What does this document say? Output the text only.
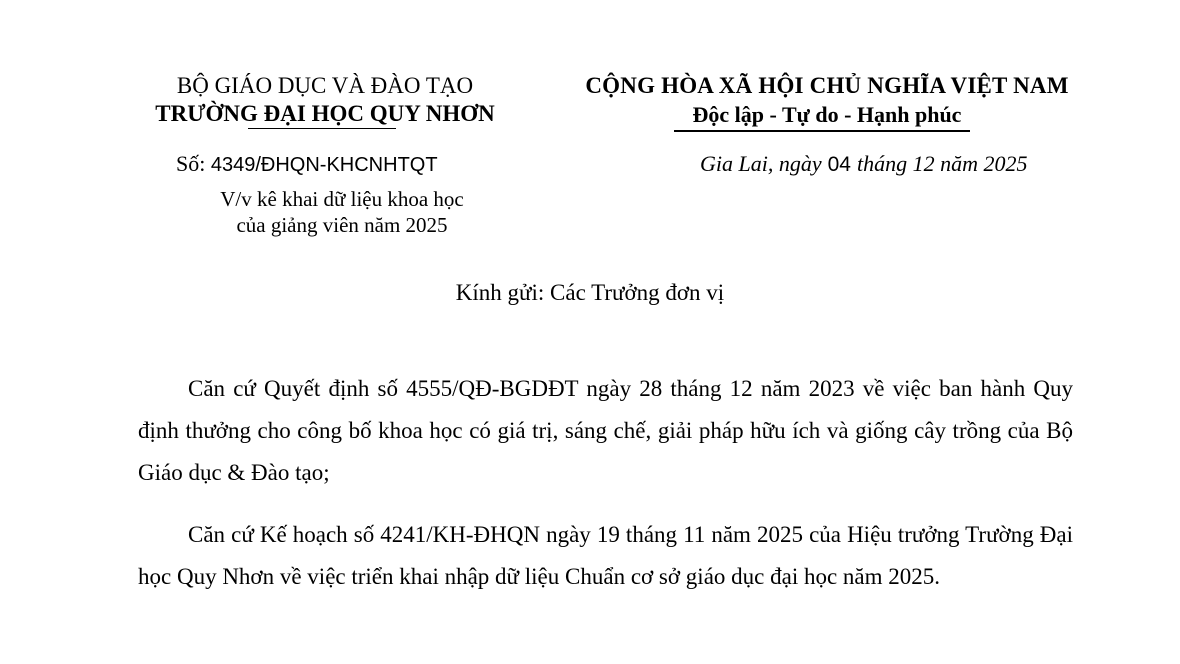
BỘ GIÁO DỤC VÀ ĐÀO TẠO
TRƯỜNG ĐẠI HỌC QUY NHƠN
CỘNG HÒA XÃ HỘI CHỦ NGHĨA VIỆT NAM
Độc lập - Tự do - Hạnh phúc
Số: 4349/ĐHQN-KHCNHTQT
V/v kê khai dữ liệu khoa học
của giảng viên năm 2025
Gia Lai, ngày 04 tháng 12 năm 2025
Kính gửi: Các Trưởng đơn vị
Căn cứ Quyết định số 4555/QĐ-BGDĐT ngày 28 tháng 12 năm 2023 về việc ban hành Quy định thưởng cho công bố khoa học có giá trị, sáng chế, giải pháp hữu ích và giống cây trồng của Bộ Giáo dục & Đào tạo;
Căn cứ Kế hoạch số 4241/KH-ĐHQN ngày 19 tháng 11 năm 2025 của Hiệu trưởng Trường Đại học Quy Nhơn về việc triển khai nhập dữ liệu Chuẩn cơ sở giáo dục đại học năm 2025.
